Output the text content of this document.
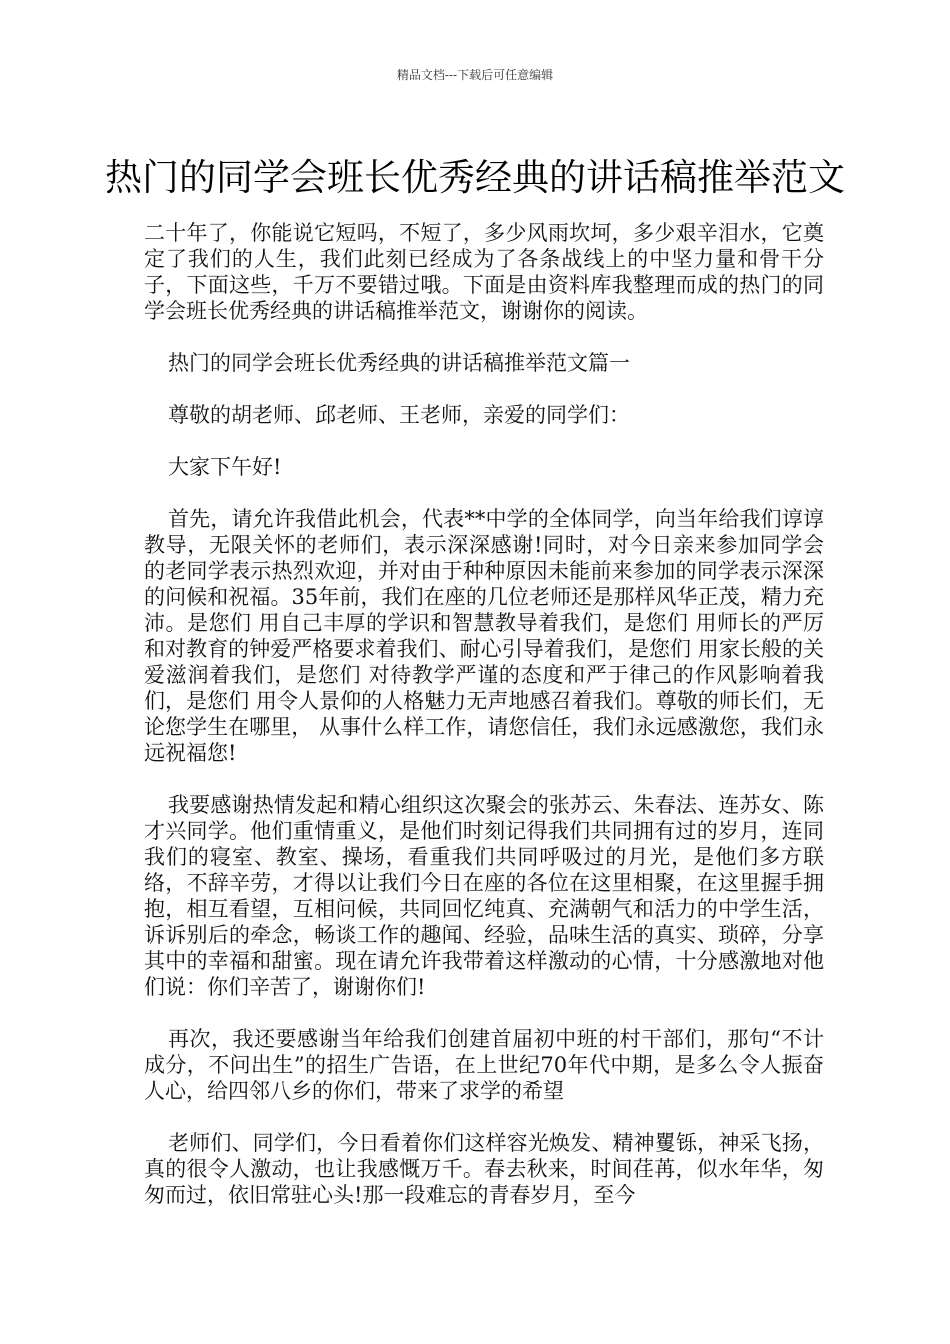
精品文档---下载后可任意编辑
热门的同学会班长优秀经典的讲话稿推举范文

二十年了，你能说它短吗，不短了，多少风雨坎坷，多少艰辛泪水，它奠定了我们的人生，我们此刻已经成为了各条战线上的中坚力量和骨干分子，下面这些，千万不要错过哦。下面是由资料库我整理而成的热门的同学会班长优秀经典的讲话稿推举范文，谢谢你的阅读。

热门的同学会班长优秀经典的讲话稿推举范文篇一

尊敬的胡老师、邱老师、王老师，亲爱的同学们：

大家下午好!

首先，请允许我借此机会，代表**中学的全体同学，向当年给我们谆谆教导，无限关怀的老师们，表示深深感谢!同时，对今日亲来参加同学会的老同学表示热烈欢迎，并对由于种种原因未能前来参加的同学表示深深的问候和祝福。35年前，我们在座的几位老师还是那样风华正茂，精力充沛。是您们 用自己丰厚的学识和智慧教导着我们，是您们 用师长的严厉和对教育的钟爱严格要求着我们、耐心引导着我们，是您们 用家长般的关爱滋润着我们，是您们 对待教学严谨的态度和严于律己的作风影响着我们，是您们 用令人景仰的人格魅力无声地感召着我们。尊敬的师长们，无论您学生在哪里， 从事什么样工作，请您信任，我们永远感激您，我们永远祝福您!

我要感谢热情发起和精心组织这次聚会的张苏云、朱春法、连苏女、陈才兴同学。他们重情重义，是他们时刻记得我们共同拥有过的岁月，连同我们的寝室、教室、操场，看重我们共同呼吸过的月光，是他们多方联络，不辞辛劳，才得以让我们今日在座的各位在这里相聚，在这里握手拥抱，相互看望，互相问候，共同回忆纯真、充满朝气和活力的中学生活，诉诉别后的牵念，畅谈工作的趣闻、经验，品味生活的真实、琐碎，分享其中的幸福和甜蜜。现在请允许我带着这样激动的心情，十分感激地对他们说：你们辛苦了，谢谢你们!

再次，我还要感谢当年给我们创建首届初中班的村干部们，那句“不计成分，不问出生”的招生广告语，在上世纪70年代中期，是多么令人振奋人心，给四邻八乡的你们，带来了求学的希望

老师们、同学们，今日看着你们这样容光焕发、精神矍铄，神采飞扬，真的很令人激动，也让我感慨万千。春去秋来，时间荏苒，似水年华，匆匆而过，依旧常驻心头!那一段难忘的青春岁月，至今
